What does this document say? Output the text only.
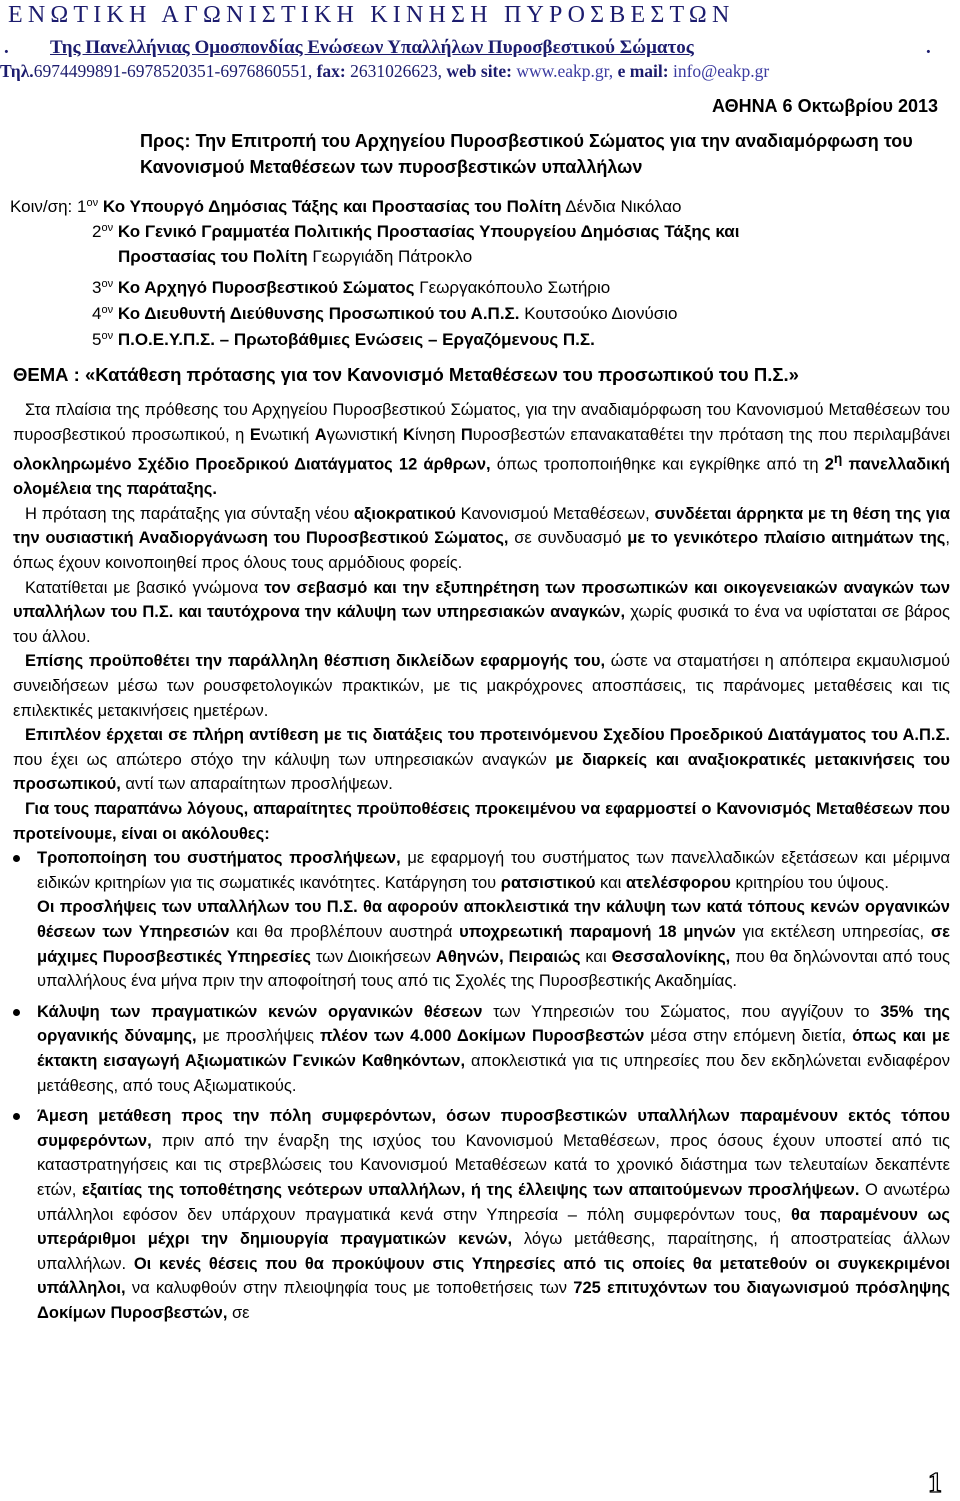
ΕΝΩΤΙΚΗ ΑΓΩΝΙΣΤΙΚΗ ΚΙΝΗΣΗ ΠΥΡΟΣΒΕΣΤΩΝ
. Της Πανελλήνιας Ομοσπονδίας Ενώσεων Υπαλλήλων Πυροσβεστικού Σώματος	.
Τηλ.6974499891-6978520351-6976860551, fax: 2631026623, web site: www.eakp.gr, e mail: info@eakp.gr
ΑΘΗΝΑ 6 Οκτωβρίου 2013
Προς: Την Επιτροπή του Αρχηγείου Πυροσβεστικού Σώματος για την αναδιαμόρφωση του Κανονισμού Μεταθέσεων των πυροσβεστικών υπαλλήλων
Κοιν/ση: $1^{o\nu}$ Κο Υπουργό Δημόσιας Τάξης και Προστασίας του Πολίτη Δένδια Νικόλαο
$2^{o\nu}$ Κο Γενικό Γραμματέα Πολιτικής Προστασίας Υπουργείου Δημόσιας Τάξης και
Προστασίας του Πολίτη Γεωργιάδη Πάτροκλο
$3^{o\nu}$ Κο Αρχηγό Πυροσβεστικού Σώματος Γεωργακόπουλο Σωτήριο
$4^{o\nu}$ Κο Διευθυντή Διεύθυνσης Προσωπικού του Α.Π.Σ. Κουτσούκο Διονύσιο
$5^{o\nu}$ Π.Ο.Ε.Υ.Π.Σ. – Πρωτοβάθμιες Ενώσεις – Εργαζόμενους Π.Σ.
ΘΕΜΑ : «Κατάθεση πρότασης για τον Κανονισμό Μεταθέσεων του προσωπικού του Π.Σ.»
Στα πλαίσια της πρόθεσης του Αρχηγείου Πυροσβεστικού Σώματος, για την αναδιαμόρφωση του Κανονισμού Μεταθέσεων του πυροσβεστικού προσωπικού, η Ενωτική Αγωνιστική Κίνηση Πυροσβεστών επανακαταθέτει την πρόταση της που περιλαμβάνει ολοκληρωμένο Σχέδιο Προεδρικού Διατάγματος 12 άρθρων, όπως τροποποιήθηκε και εγκρίθηκε από τη $2^\eta$ πανελλαδική ολομέλεια της παράταξης.
Η πρόταση της παράταξης για σύνταξη νέου αξιοκρατικού Κανονισμού Μεταθέσεων, συνδέεται άρρηκτα με τη θέση της για την ουσιαστική Αναδιοργάνωση του Πυροσβεστικού Σώματος, σε συνδυασμό με το γενικότερο πλαίσιο αιτημάτων της, όπως έχουν κοινοποιηθεί προς όλους τους αρμόδιους φορείς.
Κατατίθεται με βασικό γνώμονα τον σεβασμό και την εξυπηρέτηση των προσωπικών και οικογενειακών αναγκών των υπαλλήλων του Π.Σ. και ταυτόχρονα την κάλυψη των υπηρεσιακών αναγκών, χωρίς φυσικά το ένα να υφίσταται σε βάρος του άλλου.
Επίσης προϋποθέτει την παράλληλη θέσπιση δικλείδων εφαρμογής του, ώστε να σταματήσει η απόπειρα εκμαυλισμού συνειδήσεων μέσω των ρουσφετολογικών πρακτικών, με τις μακρόχρονες αποσπάσεις, τις παράνομες μεταθέσεις και τις επιλεκτικές μετακινήσεις ημετέρων.
Επιπλέον έρχεται σε πλήρη αντίθεση με τις διατάξεις του προτεινόμενου Σχεδίου Προεδρικού Διατάγματος του Α.Π.Σ. που έχει ως απώτερο στόχο την κάλυψη των υπηρεσιακών αναγκών με διαρκείς και αναξιοκρατικές μετακινήσεις του προσωπικού, αντί των απαραίτητων προσλήψεων.
Για τους παραπάνω λόγους, απαραίτητες προϋποθέσεις προκειμένου να εφαρμοστεί ο Κανονισμός Μεταθέσεων που προτείνουμε, είναι οι ακόλουθες:
Τροποποίηση του συστήματος προσλήψεων, με εφαρμογή του συστήματος των πανελλαδικών εξετάσεων και μέριμνα ειδικών κριτηρίων για τις σωματικές ικανότητες. Κατάργηση του ρατσιστικού και ατελέσφορου κριτηρίου του ύψους.
Οι προσλήψεις των υπαλλήλων του Π.Σ. θα αφορούν αποκλειστικά την κάλυψη των κατά τόπους κενών οργανικών θέσεων των Υπηρεσιών και θα προβλέπουν αυστηρά υποχρεωτική παραμονή 18 μηνών για εκτέλεση υπηρεσίας, σε μάχιμες Πυροσβεστικές Υπηρεσίες των Διοικήσεων Αθηνών, Πειραιώς και Θεσσαλονίκης, που θα δηλώνονται από τους υπαλλήλους ένα μήνα πριν την αποφοίτησή τους από τις Σχολές της Πυροσβεστικής Ακαδημίας.
Κάλυψη των πραγματικών κενών οργανικών θέσεων των Υπηρεσιών του Σώματος, που αγγίζουν το 35% της οργανικής δύναμης, με προσλήψεις πλέον των 4.000 Δοκίμων Πυροσβεστών μέσα στην επόμενη διετία, όπως και με έκτακτη εισαγωγή Αξιωματικών Γενικών Καθηκόντων, αποκλειστικά για τις υπηρεσίες που δεν εκδηλώνεται ενδιαφέρον μετάθεσης, από τους Αξιωματικούς.
Άμεση μετάθεση προς την πόλη συμφερόντων, όσων πυροσβεστικών υπαλλήλων παραμένουν εκτός τόπου συμφερόντων, πριν από την έναρξη της ισχύος του Κανονισμού Μεταθέσεων, προς όσους έχουν υποστεί από τις καταστρατηγήσεις και τις στρεβλώσεις του Κανονισμού Μεταθέσεων κατά το χρονικό διάστημα των τελευταίων δεκαπέντε ετών, εξαιτίας της τοποθέτησης νεότερων υπαλλήλων, ή της έλλειψης των απαιτούμενων προσλήψεων. Ο ανωτέρω υπάλληλοι εφόσον δεν υπάρχουν πραγματικά κενά στην Υπηρεσία – πόλη συμφερόντων τους, θα παραμένουν ως υπεράριθμοι μέχρι την δημιουργία πραγματικών κενών, λόγω μετάθεσης, παραίτησης, ή αποστρατείας άλλων υπαλλήλων. Οι κενές θέσεις που θα προκύψουν στις Υπηρεσίες από τις οποίες θα μετατεθούν οι συγκεκριμένοι υπάλληλοι, να καλυφθούν στην πλειοψηφία τους με τοποθετήσεις των 725 επιτυχόντων του διαγωνισμού πρόσληψης Δοκίμων Πυροσβεστών, σε
1
